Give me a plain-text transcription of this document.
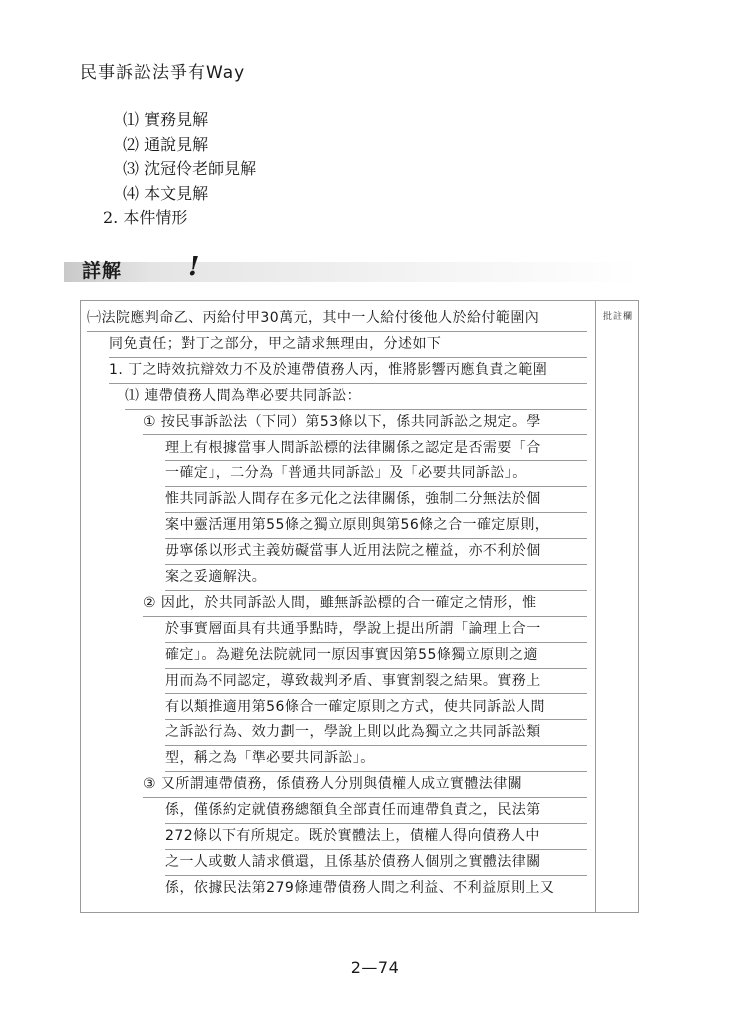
民事訴訟法爭有Way
⑴ 實務見解
⑵ 通說見解
⑶ 沈冠伶老師見解
⑷ 本文見解
2. 本件情形
詳解	!
批註欄
㈠法院應判命乙、丙給付甲30萬元，其中一人給付後他人於給付範圍內
同免責任；對丁之部分，甲之請求無理由，分述如下
1. 丁之時效抗辯效力不及於連帶債務人丙，惟將影響丙應負責之範圍
⑴ 連帶債務人間為準必要共同訴訟：
① 按民事訴訟法（下同）第53條以下，係共同訴訟之規定。學
理上有根據當事人間訴訟標的法律關係之認定是否需要「合
一確定」，二分為「普通共同訴訟」及「必要共同訴訟」。
惟共同訴訟人間存在多元化之法律關係，強制二分無法於個
案中靈活運用第55條之獨立原則與第56條之合一確定原則，
毋寧係以形式主義妨礙當事人近用法院之權益，亦不利於個
案之妥適解決。
② 因此，於共同訴訟人間，雖無訴訟標的合一確定之情形，惟
於事實層面具有共通爭點時，學說上提出所謂「論理上合一
確定」。為避免法院就同一原因事實因第55條獨立原則之適
用而為不同認定，導致裁判矛盾、事實割裂之結果。實務上
有以類推適用第56條合一確定原則之方式，使共同訴訟人間
之訴訟行為、效力劃一，學說上則以此為獨立之共同訴訟類
型，稱之為「準必要共同訴訟」。
③ 又所謂連帶債務，係債務人分別與債權人成立實體法律關
係，僅係約定就債務總額負全部責任而連帶負責之，民法第
272條以下有所規定。既於實體法上，債權人得向債務人中
之一人或數人請求償還，且係基於債務人個別之實體法律關
係，依據民法第279條連帶債務人間之利益、不利益原則上又
2—74
